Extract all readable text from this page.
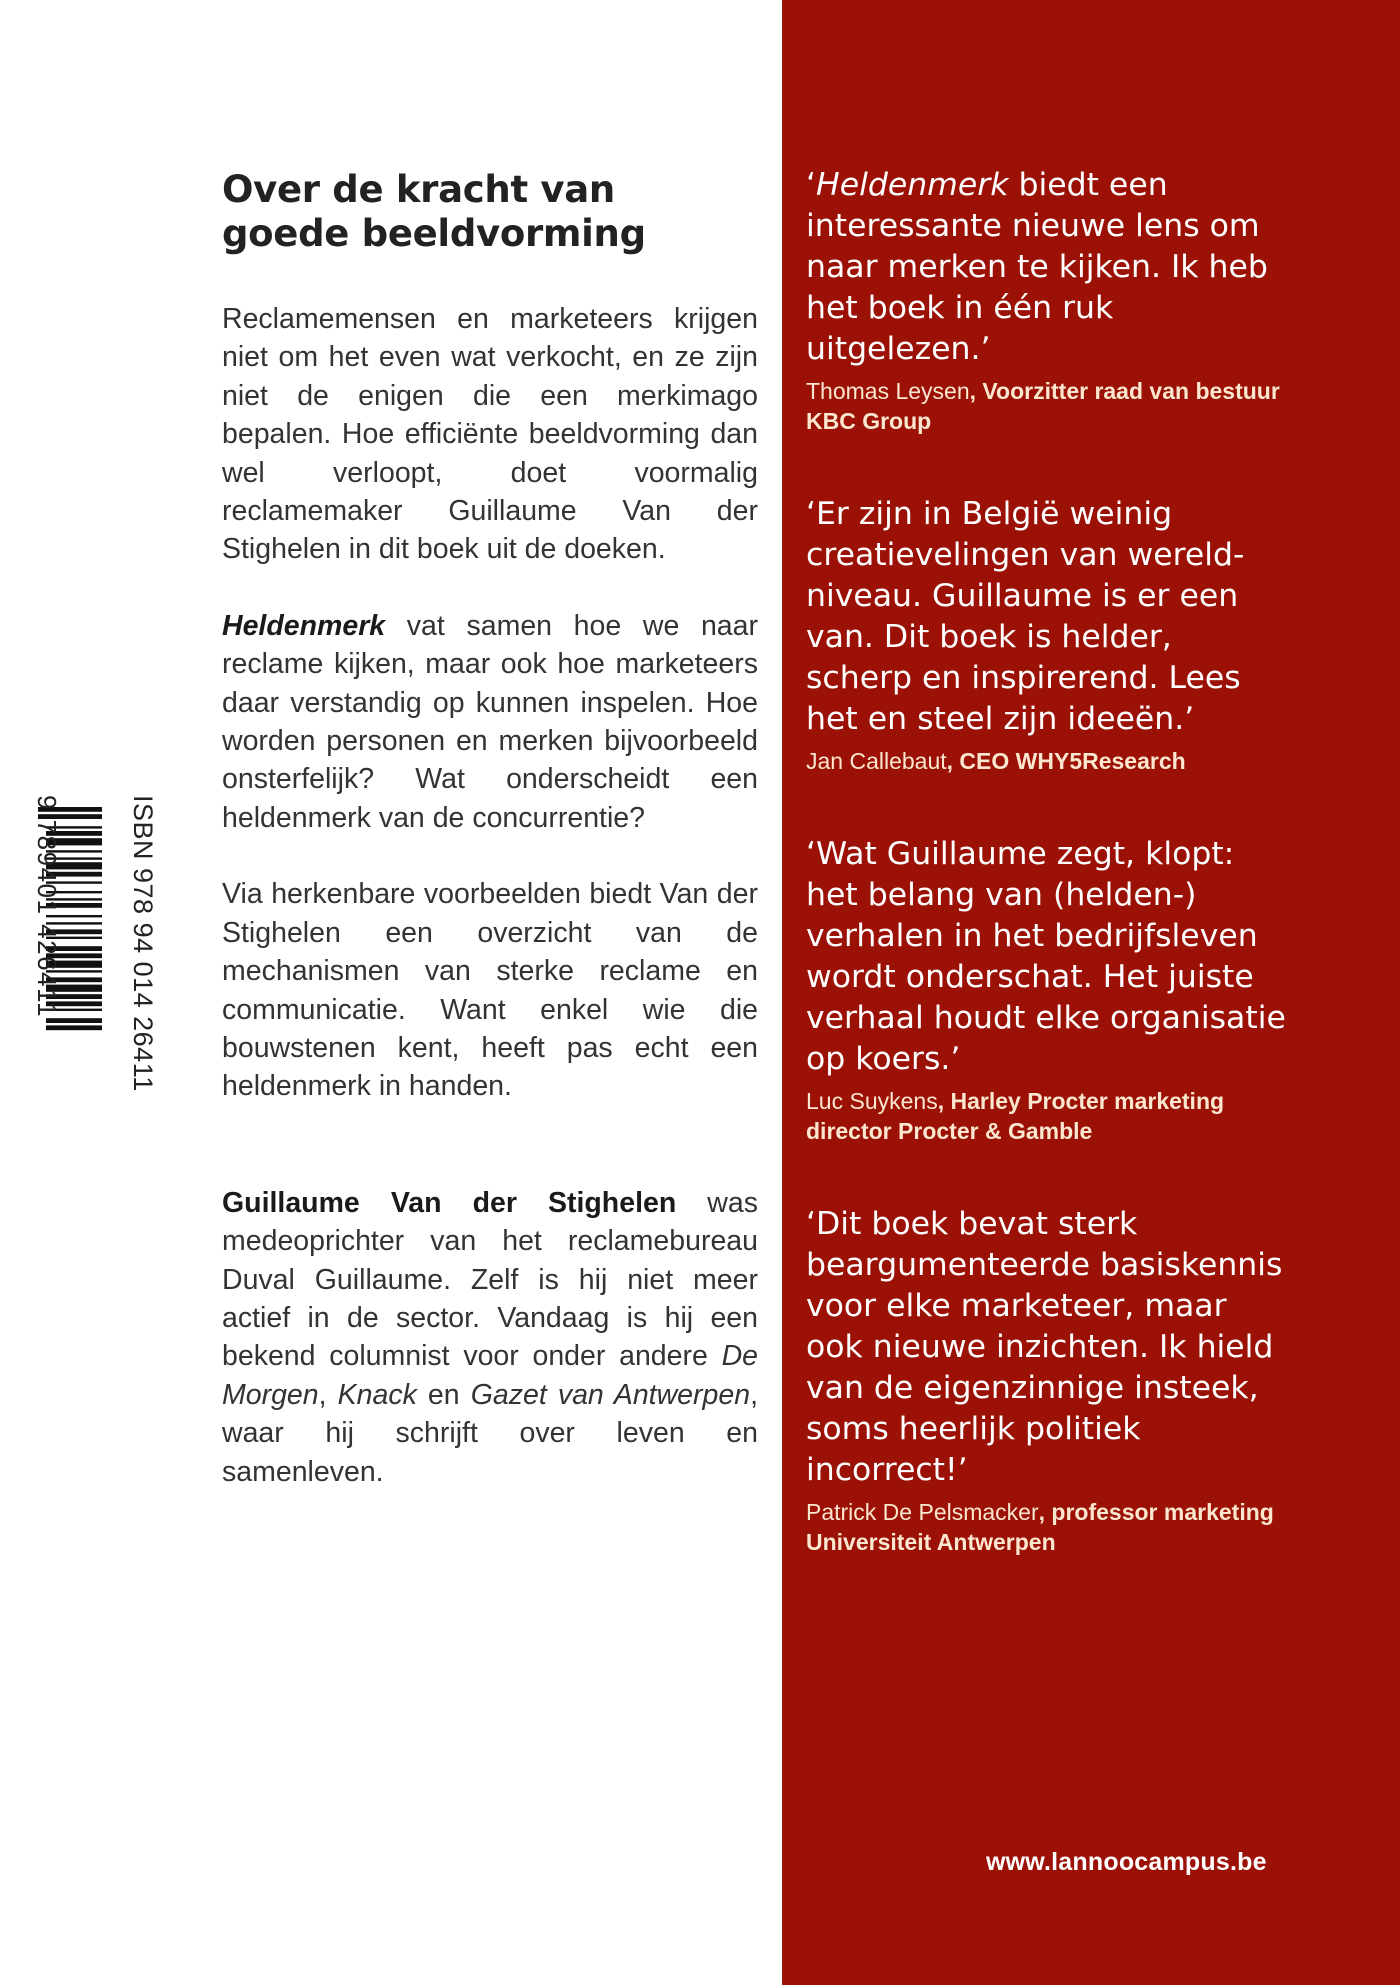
Over de kracht van
goede beeldvorming

Reclamemensen en marketeers krijgen niet om het even wat verkocht, en ze zijn niet de enigen die een merkimago bepalen. Hoe efficiënte beeldvorming dan wel verloopt, doet voormalig reclamemaker Guillaume Van der Stighelen in dit boek uit de doeken.

Heldenmerk vat samen hoe we naar reclame kijken, maar ook hoe marketeers daar verstandig op kunnen inspelen. Hoe worden personen en merken bijvoorbeeld onsterfelijk? Wat onderscheidt een heldenmerk van de concurrentie?

Via herkenbare voorbeelden biedt Van der Stighelen een overzicht van de mechanismen van sterke reclame en communicatie. Want enkel wie die bouwstenen kent, heeft pas echt een heldenmerk in handen.

Guillaume Van der Stighelen was medeoprichter van het reclamebureau Duval Guillaume. Zelf is hij niet meer actief in de sector. Vandaag is hij een bekend columnist voor onder andere De Morgen, Knack en Gazet van Antwerpen, waar hij schrijft over leven en samenleven.

9 789401 426411 ISBN 978 94 014 26411

‘Heldenmerk biedt een interessante nieuwe lens om naar merken te kijken. Ik heb het boek in één ruk uitgelezen.’

Thomas Leysen, Voorzitter raad van bestuur KBC Group

‘Er zijn in België weinig creatievelingen van wereld-niveau. Guillaume is er een van. Dit boek is helder, scherp en inspirerend. Lees het en steel zijn ideeën.’

Jan Callebaut, CEO WHY5Research

‘Wat Guillaume zegt, klopt: het belang van (helden-) verhalen in het bedrijfsleven wordt onderschat. Het juiste verhaal houdt elke organisatie op koers.’

Luc Suykens, Harley Procter marketing director Procter & Gamble

‘Dit boek bevat sterk beargumenteerde basiskennis voor elke marketeer, maar ook nieuwe inzichten. Ik hield van de eigenzinnige insteek, soms heerlijk politiek incorrect!’

Patrick De Pelsmacker, professor marketing Universiteit Antwerpen
www.lannoocampus.be
